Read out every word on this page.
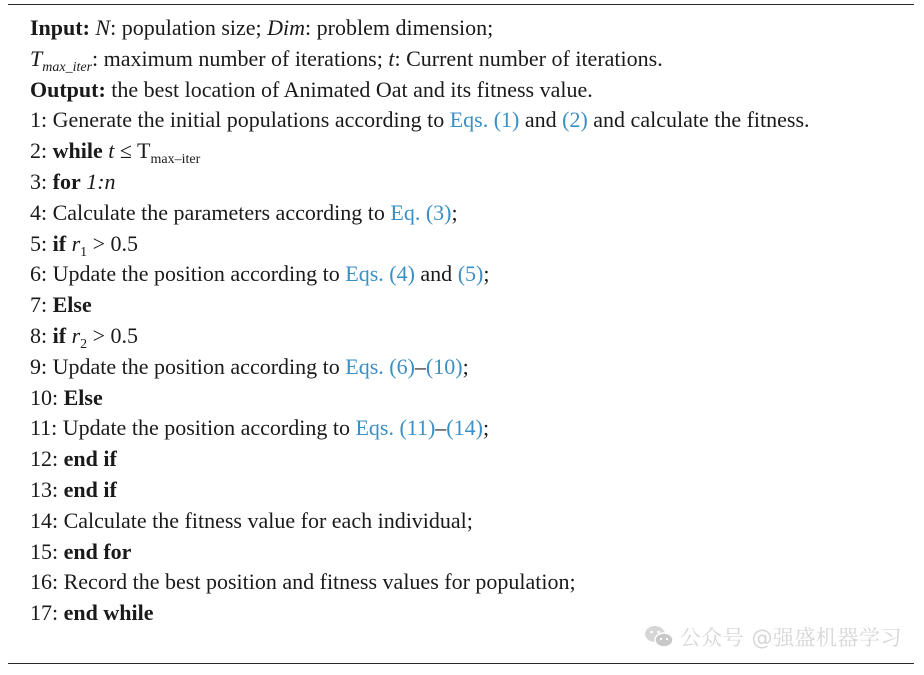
Input: N: population size; Dim: problem dimension;
$T_{max\_iter}$: maximum number of iterations; t: Current number of iterations.
Output: the best location of Animated Oat and its fitness value.
1: Generate the initial populations according to Eqs. (1) and (2) and calculate the fitness.
2: while $t \le T_{max‒iter}$
3: for 1:n
4: Calculate the parameters according to Eq. (3);
5: if $r_1 > 0.5$
6: Update the position according to Eqs. (4) and (5);
7: Else
8: if $r_2 > 0.5$
9: Update the position according to Eqs. (6)–(10);
10: Else
11: Update the position according to Eqs. (11)–(14);
12: end if
13: end if
14: Calculate the fitness value for each individual;
15: end for
16: Record the best position and fitness values for population;
17: end while
公众号 @强盛机器学习
